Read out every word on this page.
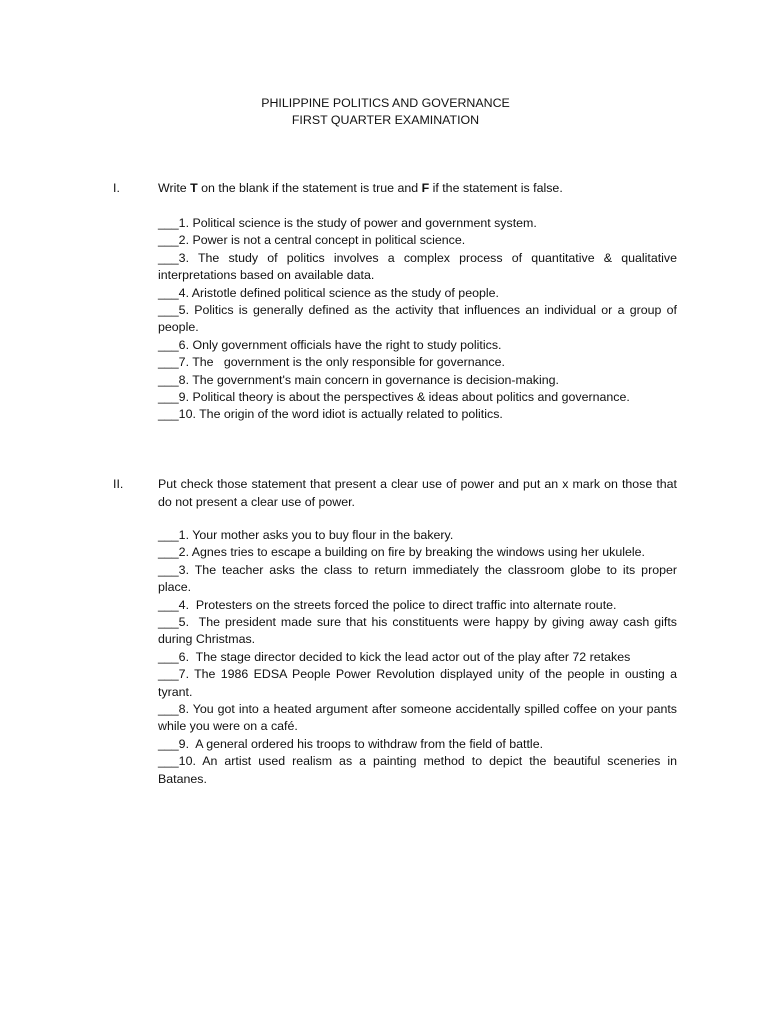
PHILIPPINE POLITICS AND GOVERNANCE
FIRST QUARTER EXAMINATION
I.	Write T on the blank if the statement is true and F if the statement is false.
___1. Political science is the study of power and government system.
___2. Power is not a central concept in political science.
___3. The study of politics involves a complex process of quantitative & qualitative interpretations based on available data.
___4. Aristotle defined political science as the study of people.
___5. Politics is generally defined as the activity that influences an individual or a group of people.
___6. Only government officials have the right to study politics.
___7. The   government is the only responsible for governance.
___8. The government's main concern in governance is decision-making.
___9. Political theory is about the perspectives & ideas about politics and governance.
___10. The origin of the word idiot is actually related to politics.
II.	Put check those statement that present a clear use of power and put an x mark on those that do not present a clear use of power.
___1. Your mother asks you to buy flour in the bakery.
___2. Agnes tries to escape a building on fire by breaking the windows using her ukulele.
___3. The teacher asks the class to return immediately the classroom globe to its proper place.
___4.  Protesters on the streets forced the police to direct traffic into alternate route.
___5.  The president made sure that his constituents were happy by giving away cash gifts during Christmas.
___6.  The stage director decided to kick the lead actor out of the play after 72 retakes
___7. The 1986 EDSA People Power Revolution displayed unity of the people in ousting a tyrant.
___8. You got into a heated argument after someone accidentally spilled coffee on your pants while you were on a café.
___9.  A general ordered his troops to withdraw from the field of battle.
___10. An artist used realism as a painting method to depict the beautiful sceneries in Batanes.
